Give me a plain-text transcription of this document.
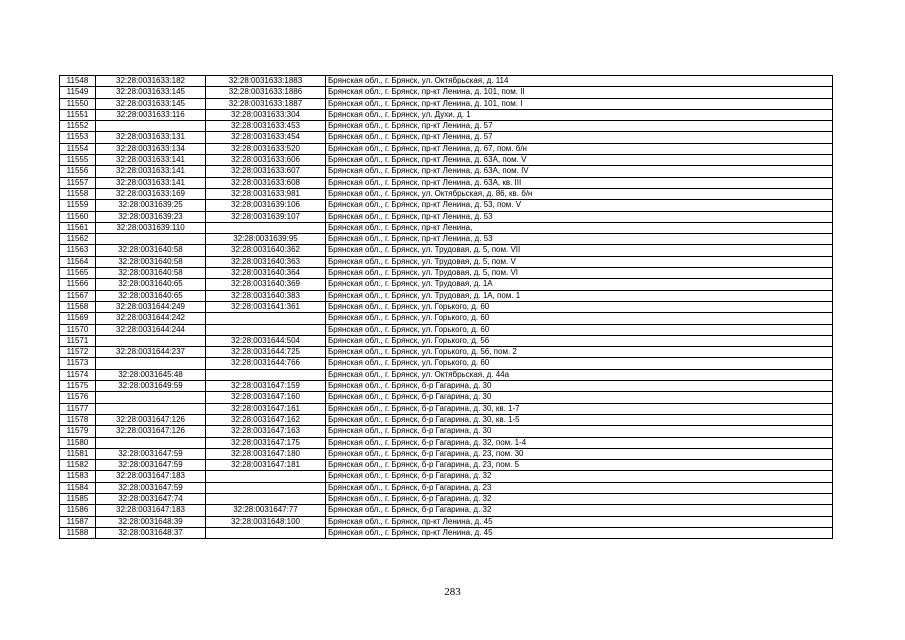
11548	32:28:0031633:182	32:28:0031633:1883	Брянская обл., г. Брянск, ул. Октябрьская, д. 114
11549	32:28:0031633:145	32:28:0031633:1886	Брянская обл., г. Брянск, пр-кт Ленина, д. 101, пом. II
11550	32:28:0031633:145	32:28:0031633:1887	Брянская обл., г. Брянск, пр-кт Ленина, д. 101, пом. I
11551	32:28:0031633:116	32:28:0031633:304	Брянская обл., г. Брянск, ул. Духи, д. 1
11552		32:28:0031633:453	Брянская обл., г. Брянск, пр-кт Ленина, д. 57
11553	32:28:0031633:131	32:28:0031633:454	Брянская обл., г. Брянск, пр-кт Ленина, д. 57
11554	32:28:0031633:134	32:28:0031633:520	Брянская обл., г. Брянск, пр-кт Ленина, д. 67, пом. б/н
11555	32:28:0031633:141	32:28:0031633:606	Брянская обл., г. Брянск, пр-кт Ленина, д. 63А, пом. V
11556	32:28:0031633:141	32:28:0031633:607	Брянская обл., г. Брянск, пр-кт Ленина, д. 63А, пом. IV
11557	32:28:0031633:141	32:28:0031633:608	Брянская обл., г. Брянск, пр-кт Ленина, д. 63А, кв. III
11558	32:28:0031633:169	32:28:0031633:981	Брянская обл., г. Брянск, ул. Октябрьская, д. 86, кв. б/н
11559	32:28:0031639:25	32:28:0031639:106	Брянская обл., г. Брянск, пр-кт Ленина, д. 53, пом. V
11560	32:28:0031639:23	32:28:0031639:107	Брянская обл., г. Брянск, пр-кт Ленина, д. 53
11561	32:28:0031639:110		Брянская обл., г. Брянск, пр-кт Ленина,
11562		32:28:0031639:95	Брянская обл., г. Брянск, пр-кт Ленина, д. 53
11563	32:28:0031640:58	32:28:0031640:362	Брянская обл., г. Брянск, ул. Трудовая, д. 5, пом. VII
11564	32:28:0031640:58	32:28:0031640:363	Брянская обл., г. Брянск, ул. Трудовая, д. 5, пом. V
11565	32:28:0031640:58	32:28:0031640:364	Брянская обл., г. Брянск, ул. Трудовая, д. 5, пом. VI
11566	32:28:0031640:65	32:28:0031640:369	Брянская обл., г. Брянск, ул. Трудовая, д. 1А
11567	32:28:0031640:65	32:28:0031640:383	Брянская обл., г. Брянск, ул. Трудовая, д. 1А, пом. 1
11568	32:28:0031644:249	32:28:0031641:361	Брянская обл., г. Брянск, ул. Горького, д. 60
11569	32:28:0031644:242		Брянская обл., г. Брянск, ул. Горького, д. 60
11570	32:28:0031644:244		Брянская обл., г. Брянск, ул. Горького, д. 60
11571		32:28:0031644:504	Брянская обл., г. Брянск, ул. Горького, д. 56
11572	32:28:0031644:237	32:28:0031644:725	Брянская обл., г. Брянск, ул. Горького, д. 56, пом. 2
11573		32:28:0031644:766	Брянская обл., г. Брянск, ул. Горького, д. 60
11574	32:28:0031645:48		Брянская обл., г. Брянск, ул. Октябрьская, д. 44а
11575	32:28:0031649:59	32:28:0031647:159	Брянская обл., г. Брянск, б-р Гагарина, д. 30
11576		32:28:0031647:160	Брянская обл., г. Брянск, б-р Гагарина, д. 30
11577		32:28:0031647:161	Брянская обл., г. Брянск, б-р Гагарина, д. 30, кв. 1-7
11578	32:28:0031647:126	32:28:0031647:162	Брянская обл., г. Брянск, б-р Гагарина, д. 30, кв. 1-5
11579	32:28:0031647:126	32:28:0031647:163	Брянская обл., г. Брянск, б-р Гагарина, д. 30
11580		32:28:0031647:175	Брянская обл., г. Брянск, б-р Гагарина, д. 32, пом. 1-4
11581	32:28:0031647:59	32:28:0031647:180	Брянская обл., г. Брянск, б-р Гагарина, д. 23, пом. 30
11582	32:28:0031647:59	32:28:0031647:181	Брянская обл., г. Брянск, б-р Гагарина, д. 23, пом. 5
11583	32:28:0031647:183		Брянская обл., г. Брянск, б-р Гагарина, д. 32
11584	32:28:0031647:59		Брянская обл., г. Брянск, б-р Гагарина, д. 23
11585	32:28:0031647:74		Брянская обл., г. Брянск, б-р Гагарина, д. 32
11586	32:28:0031647:183	32:28:0031647:77	Брянская обл., г. Брянск, б-р Гагарина, д. 32
11587	32:28:0031648:39	32:28:0031648:100	Брянская обл., г. Брянск, пр-кт Ленина, д. 45
11588	32:28:0031648:37		Брянская обл., г. Брянск, пр-кт Ленина, д. 45
283
